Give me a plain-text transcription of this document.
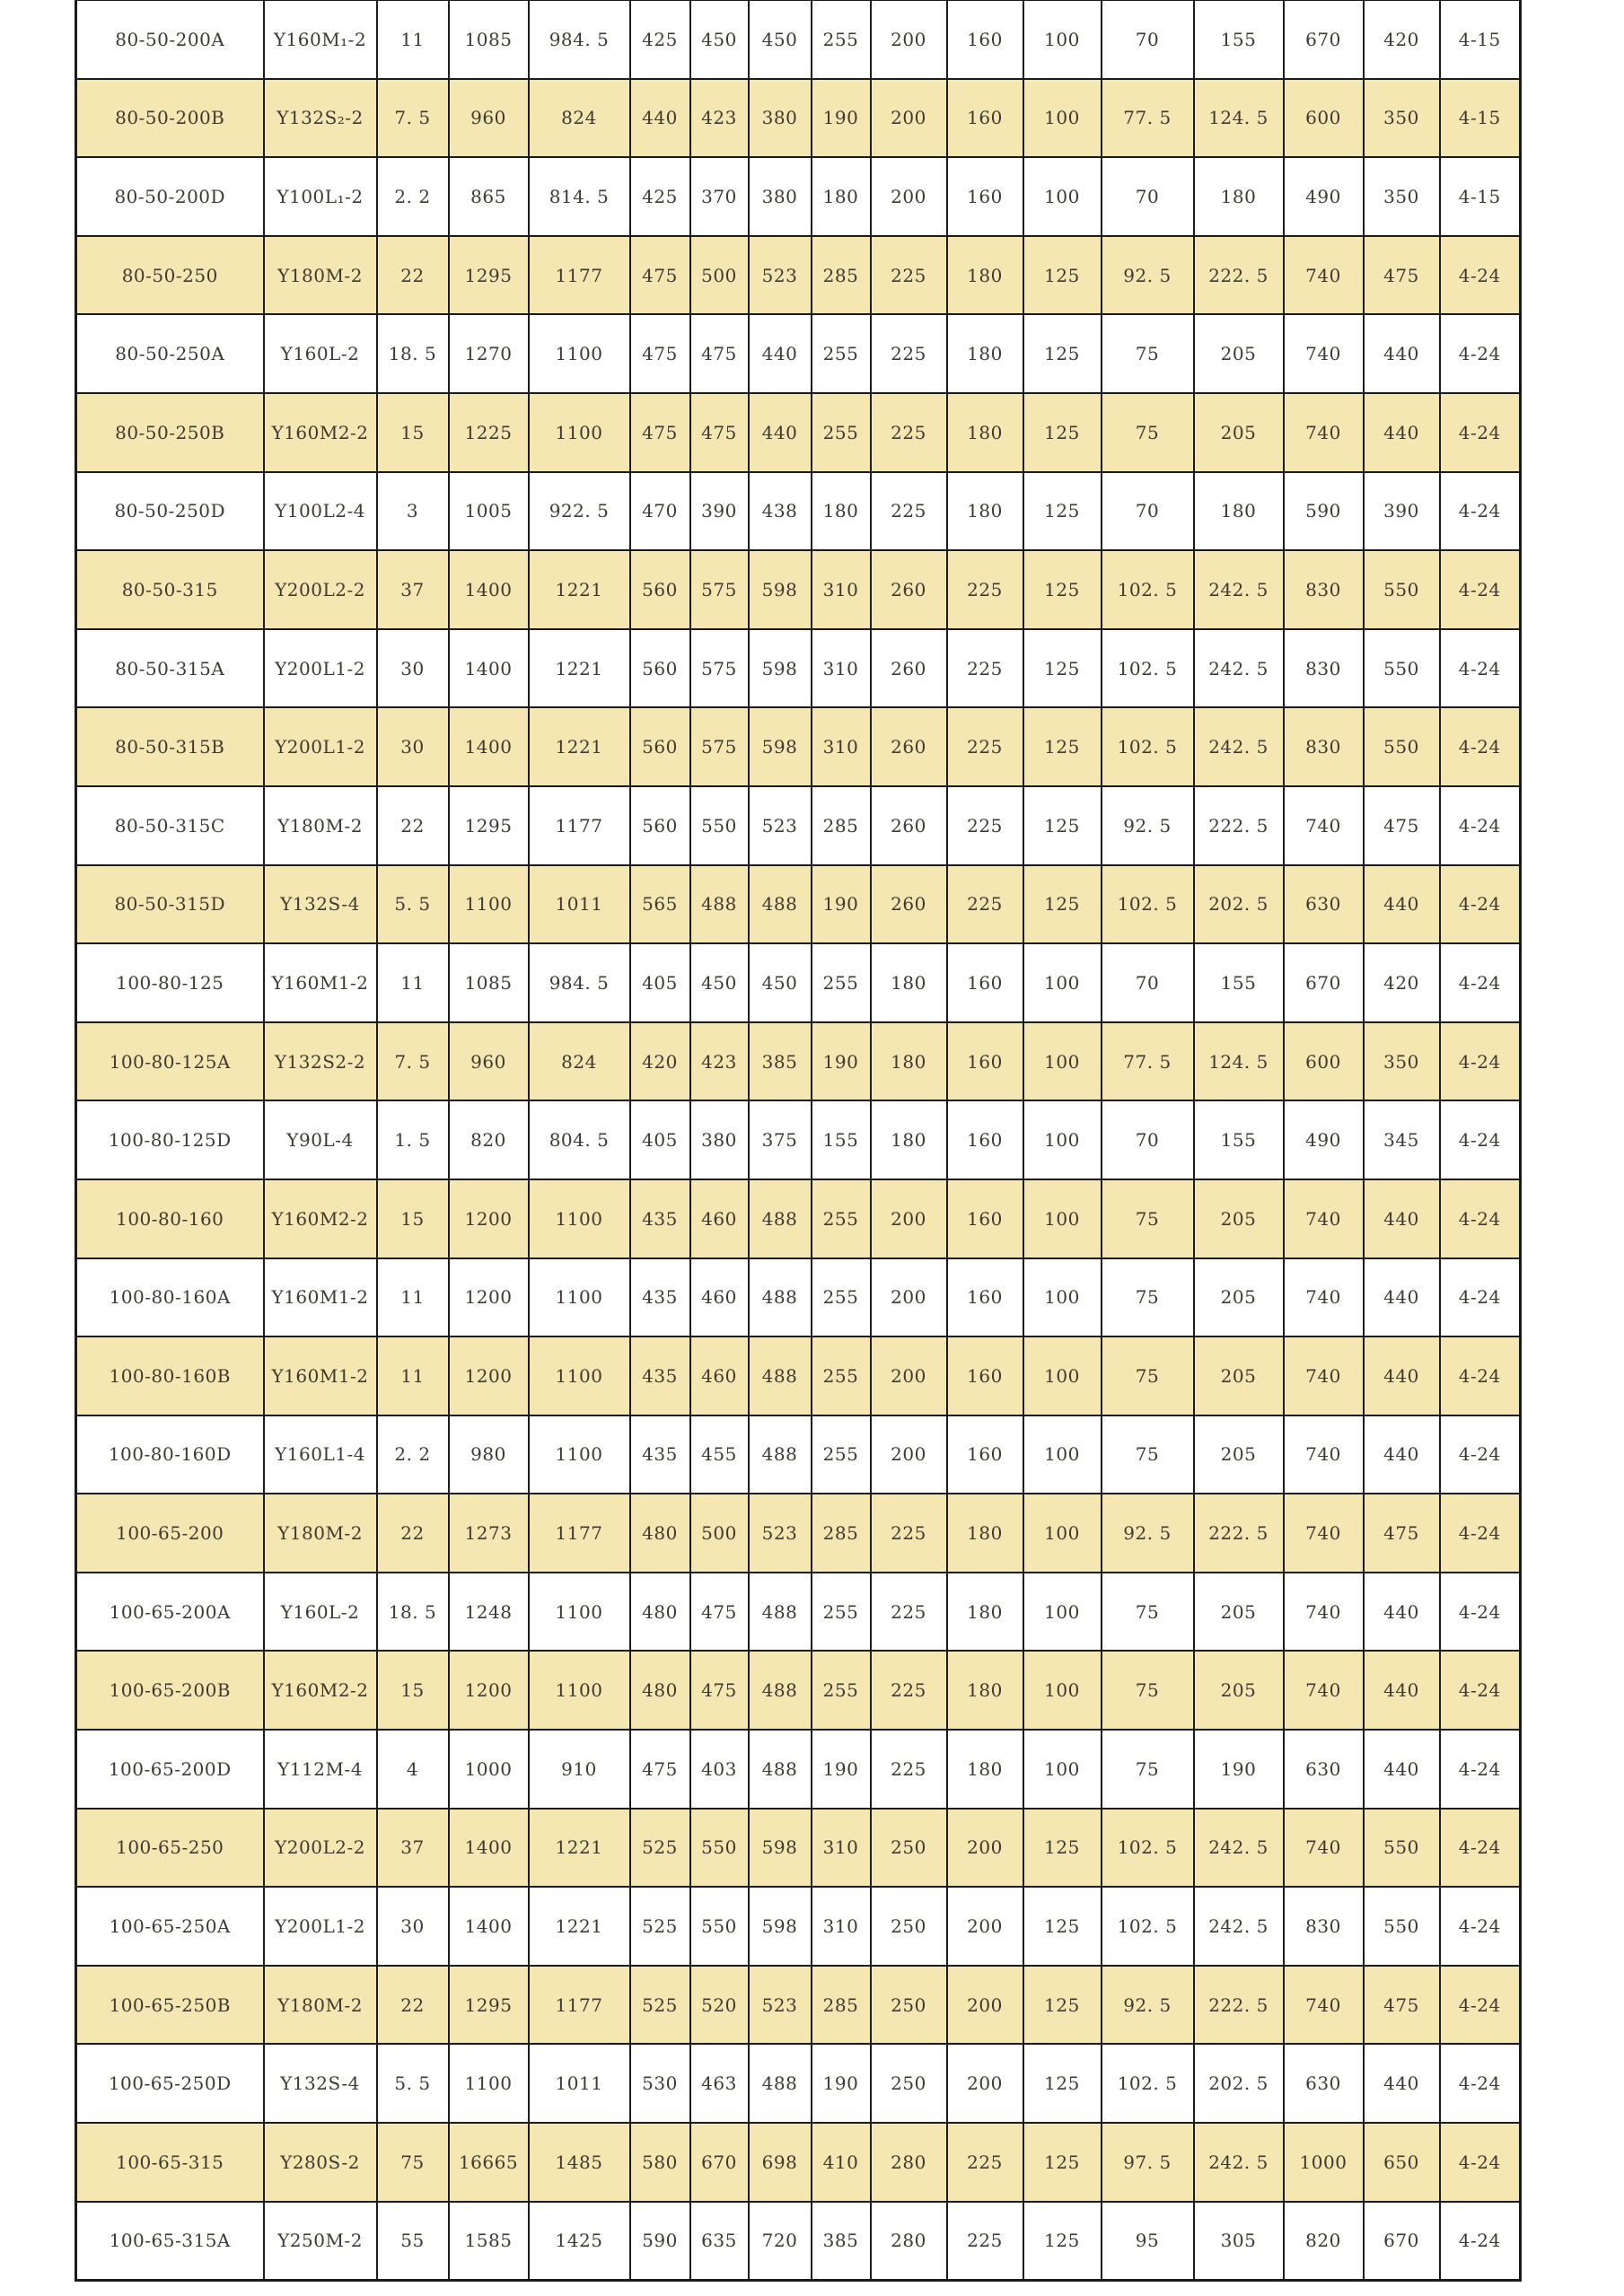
80-50-200A	Y160M₁-2	11	1085	984. 5	425	450	450	255	200	160	100	70	155	670	420	4-15
80-50-200B	Y132S₂-2	7. 5	960	824	440	423	380	190	200	160	100	77. 5	124. 5	600	350	4-15
80-50-200D	Y100L₁-2	2. 2	865	814. 5	425	370	380	180	200	160	100	70	180	490	350	4-15
80-50-250	Y180M-2	22	1295	1177	475	500	523	285	225	180	125	92. 5	222. 5	740	475	4-24
80-50-250A	Y160L-2	18. 5	1270	1100	475	475	440	255	225	180	125	75	205	740	440	4-24
80-50-250B	Y160M2-2	15	1225	1100	475	475	440	255	225	180	125	75	205	740	440	4-24
80-50-250D	Y100L2-4	3	1005	922. 5	470	390	438	180	225	180	125	70	180	590	390	4-24
80-50-315	Y200L2-2	37	1400	1221	560	575	598	310	260	225	125	102. 5	242. 5	830	550	4-24
80-50-315A	Y200L1-2	30	1400	1221	560	575	598	310	260	225	125	102. 5	242. 5	830	550	4-24
80-50-315B	Y200L1-2	30	1400	1221	560	575	598	310	260	225	125	102. 5	242. 5	830	550	4-24
80-50-315C	Y180M-2	22	1295	1177	560	550	523	285	260	225	125	92. 5	222. 5	740	475	4-24
80-50-315D	Y132S-4	5. 5	1100	1011	565	488	488	190	260	225	125	102. 5	202. 5	630	440	4-24
100-80-125	Y160M1-2	11	1085	984. 5	405	450	450	255	180	160	100	70	155	670	420	4-24
100-80-125A	Y132S2-2	7. 5	960	824	420	423	385	190	180	160	100	77. 5	124. 5	600	350	4-24
100-80-125D	Y90L-4	1. 5	820	804. 5	405	380	375	155	180	160	100	70	155	490	345	4-24
100-80-160	Y160M2-2	15	1200	1100	435	460	488	255	200	160	100	75	205	740	440	4-24
100-80-160A	Y160M1-2	11	1200	1100	435	460	488	255	200	160	100	75	205	740	440	4-24
100-80-160B	Y160M1-2	11	1200	1100	435	460	488	255	200	160	100	75	205	740	440	4-24
100-80-160D	Y160L1-4	2. 2	980	1100	435	455	488	255	200	160	100	75	205	740	440	4-24
100-65-200	Y180M-2	22	1273	1177	480	500	523	285	225	180	100	92. 5	222. 5	740	475	4-24
100-65-200A	Y160L-2	18. 5	1248	1100	480	475	488	255	225	180	100	75	205	740	440	4-24
100-65-200B	Y160M2-2	15	1200	1100	480	475	488	255	225	180	100	75	205	740	440	4-24
100-65-200D	Y112M-4	4	1000	910	475	403	488	190	225	180	100	75	190	630	440	4-24
100-65-250	Y200L2-2	37	1400	1221	525	550	598	310	250	200	125	102. 5	242. 5	740	550	4-24
100-65-250A	Y200L1-2	30	1400	1221	525	550	598	310	250	200	125	102. 5	242. 5	830	550	4-24
100-65-250B	Y180M-2	22	1295	1177	525	520	523	285	250	200	125	92. 5	222. 5	740	475	4-24
100-65-250D	Y132S-4	5. 5	1100	1011	530	463	488	190	250	200	125	102. 5	202. 5	630	440	4-24
100-65-315	Y280S-2	75	16665	1485	580	670	698	410	280	225	125	97. 5	242. 5	1000	650	4-24
100-65-315A	Y250M-2	55	1585	1425	590	635	720	385	280	225	125	95	305	820	670	4-24
